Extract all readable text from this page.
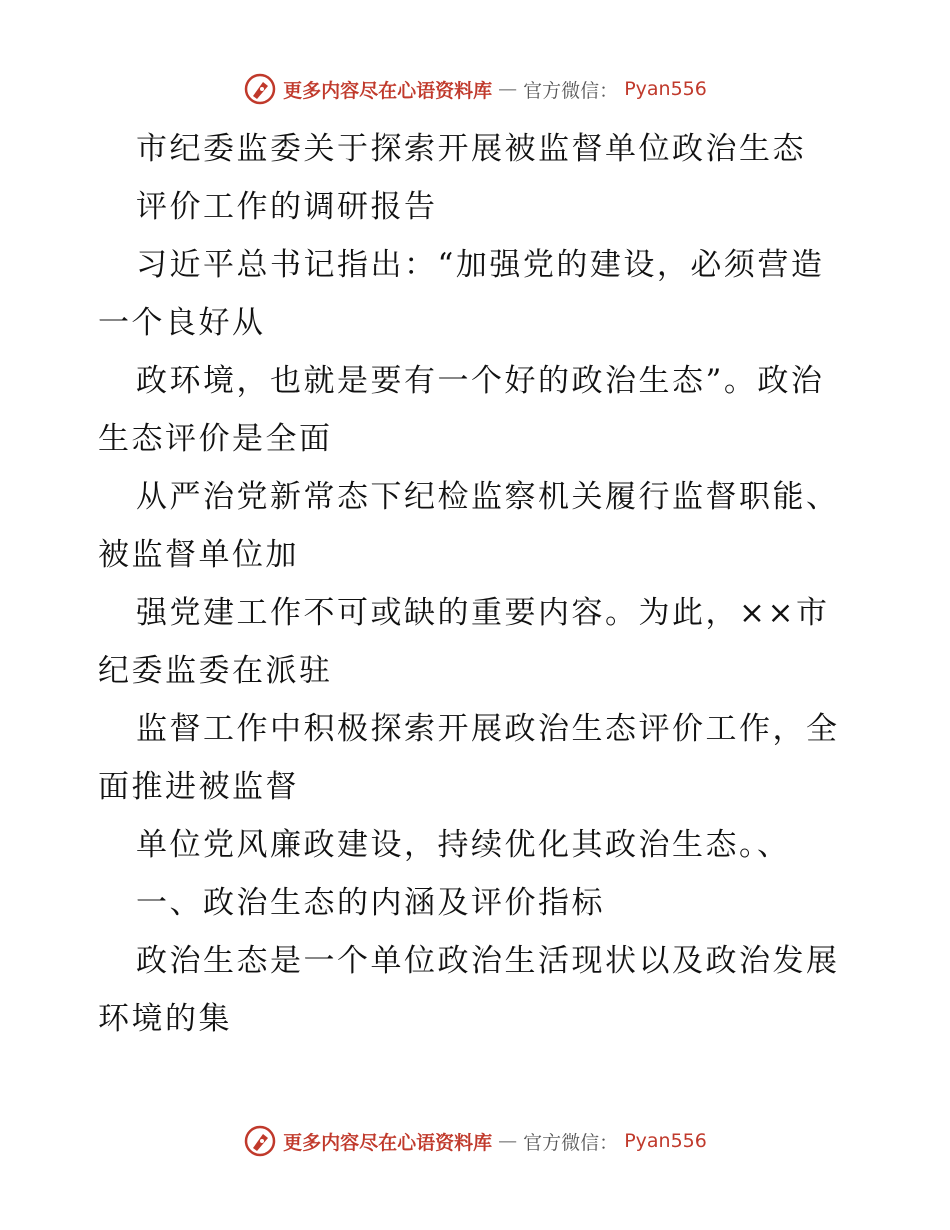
更多内容尽在心语资料库 — 官方微信： Pyan556
市纪委监委关于探索开展被监督单位政治生态
评价工作的调研报告
习近平总书记指出：“加强党的建设，必须营造
一个良好从
政环境，也就是要有一个好的政治生态”。政治
生态评价是全面
从严治党新常态下纪检监察机关履行监督职能、
被监督单位加
强党建工作不可或缺的重要内容。为此，××市
纪委监委在派驻
监督工作中积极探索开展政治生态评价工作，全
面推进被监督
单位党风廉政建设，持续优化其政治生态。、
一、政治生态的内涵及评价指标
政治生态是一个单位政治生活现状以及政治发展
环境的集
更多内容尽在心语资料库 — 官方微信： Pyan556
